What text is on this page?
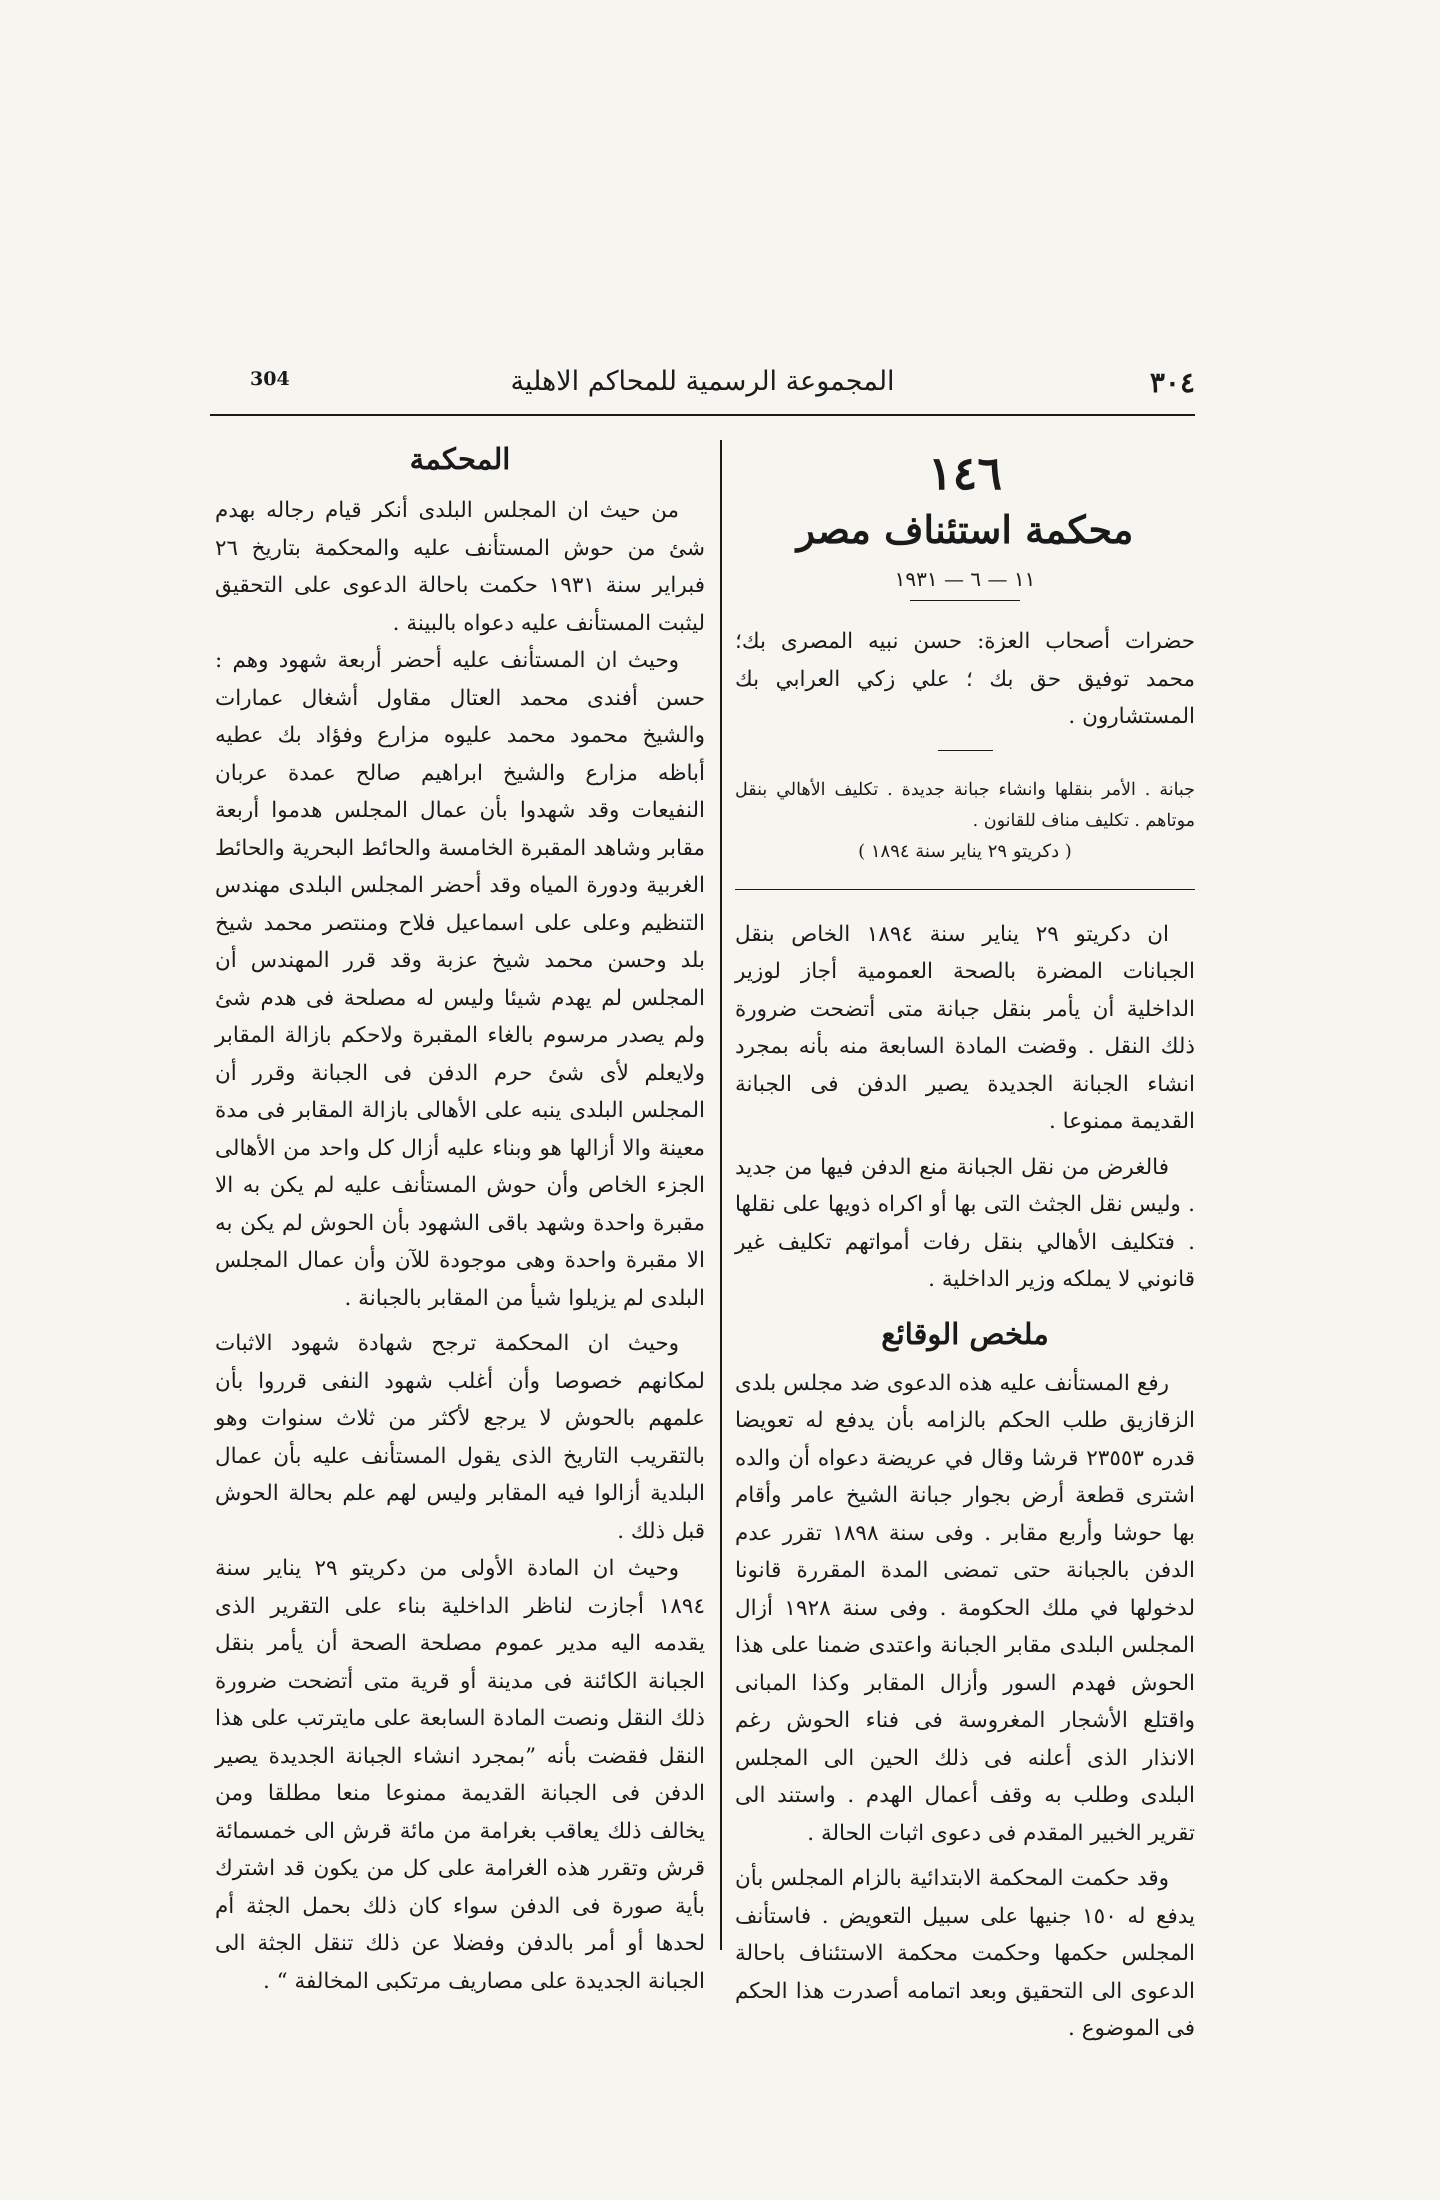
304	المجموعة الرسمية للمحاكم الاهلية	٣٠٤
١٤٦
محكمة استئناف مصر
١١ — ٦ — ١٩٣١

حضرات أصحاب العزة: حسن نبيه المصرى بك؛ محمد توفيق حق بك ؛ علي زكي العرابي بك المستشارون .

جبانة . الأمر بنقلها وانشاء جبانة جديدة . تكليف الأهالي بنقل موتاهم . تكليف مناف للقانون .

( دكريتو ٢٩ يناير سنة ١٨٩٤ )

ان دكريتو ٢٩ يناير سنة ١٨٩٤ الخاص بنقل الجبانات المضرة بالصحة العمومية أجاز لوزير الداخلية أن يأمر بنقل جبانة متى أتضحت ضرورة ذلك النقل . وقضت المادة السابعة منه بأنه بمجرد انشاء الجبانة الجديدة يصير الدفن فى الجبانة القديمة ممنوعا .

فالغرض من نقل الجبانة منع الدفن فيها من جديد . وليس نقل الجثث التى بها أو اكراه ذويها على نقلها . فتكليف الأهالي بنقل رفات أمواتهم تكليف غير قانوني لا يملكه وزير الداخلية .

ملخص الوقائع

رفع المستأنف عليه هذه الدعوى ضد مجلس بلدى الزقازيق طلب الحكم بالزامه بأن يدفع له تعويضا قدره ٢٣٥٥٣ قرشا وقال في عريضة دعواه أن والده اشترى قطعة أرض بجوار جبانة الشيخ عامر وأقام بها حوشا وأربع مقابر . وفى سنة ١٨٩٨ تقرر عدم الدفن بالجبانة حتى تمضى المدة المقررة قانونا لدخولها في ملك الحكومة . وفى سنة ١٩٢٨ أزال المجلس البلدى مقابر الجبانة واعتدى ضمنا على هذا الحوش فهدم السور وأزال المقابر وكذا المبانى واقتلع الأشجار المغروسة فى فناء الحوش رغم الانذار الذى أعلنه فى ذلك الحين الى المجلس البلدى وطلب به وقف أعمال الهدم . واستند الى تقرير الخبير المقدم فى دعوى اثبات الحالة .

وقد حكمت المحكمة الابتدائية بالزام المجلس بأن يدفع له ١٥٠ جنيها على سبيل التعويض . فاستأنف المجلس حكمها وحكمت محكمة الاستئناف باحالة الدعوى الى التحقيق وبعد اتمامه أصدرت هذا الحكم فى الموضوع .

المحكمة

من حيث ان المجلس البلدى أنكر قيام رجاله بهدم شئ من حوش المستأنف عليه والمحكمة بتاريخ ٢٦ فبراير سنة ١٩٣١ حكمت باحالة الدعوى على التحقيق ليثبت المستأنف عليه دعواه بالبينة .

وحيث ان المستأنف عليه أحضر أربعة شهود وهم : حسن أفندى محمد العتال مقاول أشغال عمارات والشيخ محمود محمد عليوه مزارع وفؤاد بك عطيه أباظه مزارع والشيخ ابراهيم صالح عمدة عربان النفيعات وقد شهدوا بأن عمال المجلس هدموا أربعة مقابر وشاهد المقبرة الخامسة والحائط البحرية والحائط الغربية ودورة المياه وقد أحضر المجلس البلدى مهندس التنظيم وعلى على اسماعيل فلاح ومنتصر محمد شيخ بلد وحسن محمد شيخ عزبة وقد قرر المهندس أن المجلس لم يهدم شيئا وليس له مصلحة فى هدم شئ ولم يصدر مرسوم بالغاء المقبرة ولاحكم بازالة المقابر ولايعلم لأى شئ حرم الدفن فى الجبانة وقرر أن المجلس البلدى ينبه على الأهالى بازالة المقابر فى مدة معينة والا أزالها هو وبناء عليه أزال كل واحد من الأهالى الجزء الخاص وأن حوش المستأنف عليه لم يكن به الا مقبرة واحدة وشهد باقى الشهود بأن الحوش لم يكن به الا مقبرة واحدة وهى موجودة للآن وأن عمال المجلس البلدى لم يزيلوا شيأ من المقابر بالجبانة .

وحيث ان المحكمة ترجح شهادة شهود الاثبات لمكانهم خصوصا وأن أغلب شهود النفى قرروا بأن علمهم بالحوش لا يرجع لأكثر من ثلاث سنوات وهو بالتقريب التاريخ الذى يقول المستأنف عليه بأن عمال البلدية أزالوا فيه المقابر وليس لهم علم بحالة الحوش قبل ذلك .

وحيث ان المادة الأولى من دكريتو ٢٩ يناير سنة ١٨٩٤ أجازت لناظر الداخلية بناء على التقرير الذى يقدمه اليه مدير عموم مصلحة الصحة أن يأمر بنقل الجبانة الكائنة فى مدينة أو قرية متى أتضحت ضرورة ذلك النقل ونصت المادة السابعة على مايترتب على هذا النقل فقضت بأنه ”بمجرد انشاء الجبانة الجديدة يصير الدفن فى الجبانة القديمة ممنوعا منعا مطلقا ومن يخالف ذلك يعاقب بغرامة من مائة قرش الى خمسمائة قرش وتقرر هذه الغرامة على كل من يكون قد اشترك بأية صورة فى الدفن سواء كان ذلك بحمل الجثة أم لحدها أو أمر بالدفن وفضلا عن ذلك تنقل الجثة الى الجبانة الجديدة على مصاريف مرتكبى المخالفة “ .
